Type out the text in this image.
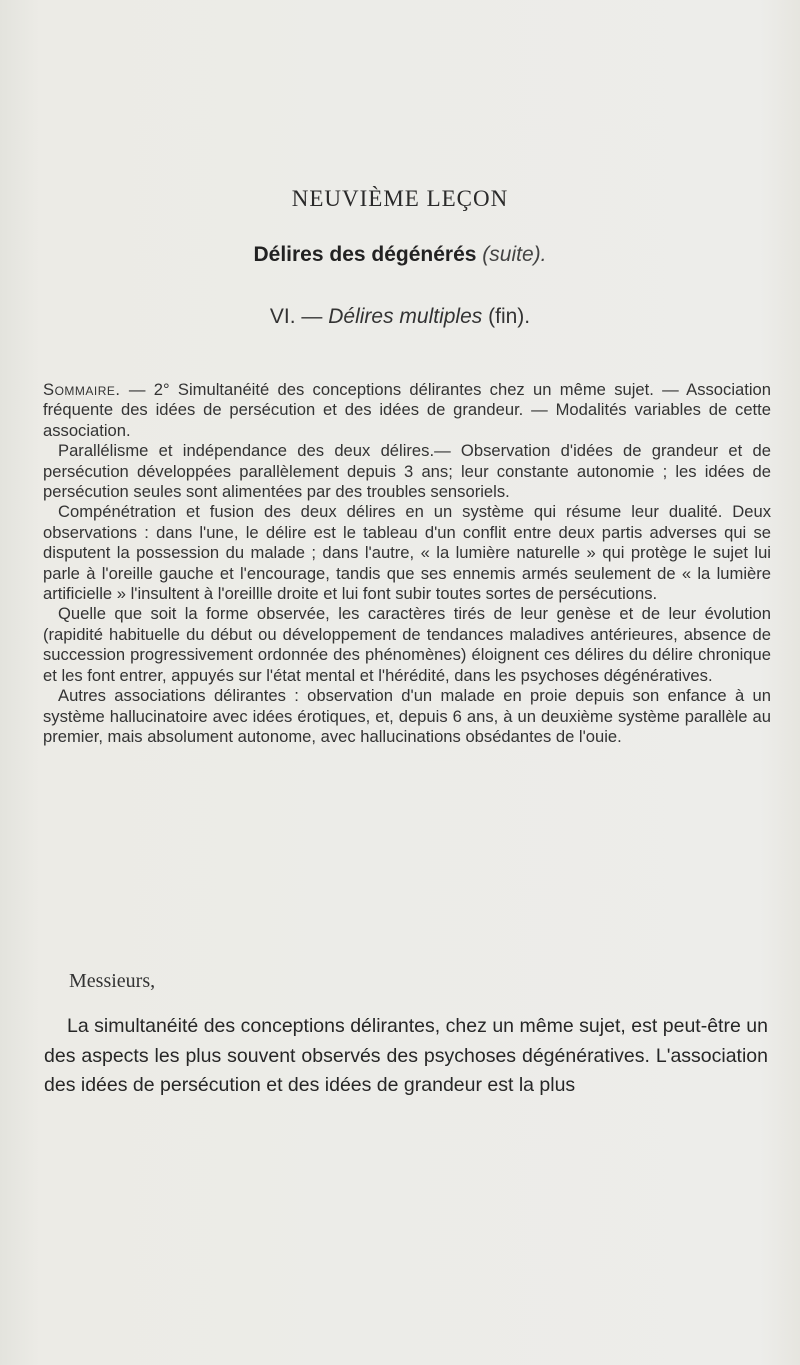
NEUVIÈME LEÇON
Délires des dégénérés (suite).
VI. — Délires multiples (fin).

Sommaire. — 2° Simultanéité des conceptions délirantes chez un même sujet. — Association fréquente des idées de persécution et des idées de grandeur. — Modalités variables de cette association.

Parallélisme et indépendance des deux délires.— Observation d'idées de grandeur et de persécution développées parallèlement depuis 3 ans; leur constante autonomie ; les idées de persécution seules sont alimentées par des troubles sensoriels.

Compénétration et fusion des deux délires en un système qui résume leur dualité. Deux observations : dans l'une, le délire est le tableau d'un conflit entre deux partis adverses qui se disputent la possession du malade ; dans l'autre, « la lumière naturelle » qui protège le sujet lui parle à l'oreille gauche et l'encourage, tandis que ses ennemis armés seulement de « la lumière artificielle » l'insultent à l'oreillle droite et lui font subir toutes sortes de persécutions.

Quelle que soit la forme observée, les caractères tirés de leur genèse et de leur évolution (rapidité habituelle du début ou développement de tendances maladives antérieures, absence de succession progressivement ordonnée des phénomènes) éloignent ces délires du délire chronique et les font entrer, appuyés sur l'état mental et l'hérédité, dans les psychoses dégénératives.

Autres associations délirantes : observation d'un malade en proie depuis son enfance à un système hallucinatoire avec idées érotiques, et, depuis 6 ans, à un deuxième système parallèle au premier, mais absolument autonome, avec hallucinations obsédantes de l'ouie.

Messieurs,

La simultanéité des conceptions délirantes, chez un même sujet, est peut-être un des aspects les plus souvent observés des psychoses dégénératives. L'association des idées de persécution et des idées de grandeur est la plus
